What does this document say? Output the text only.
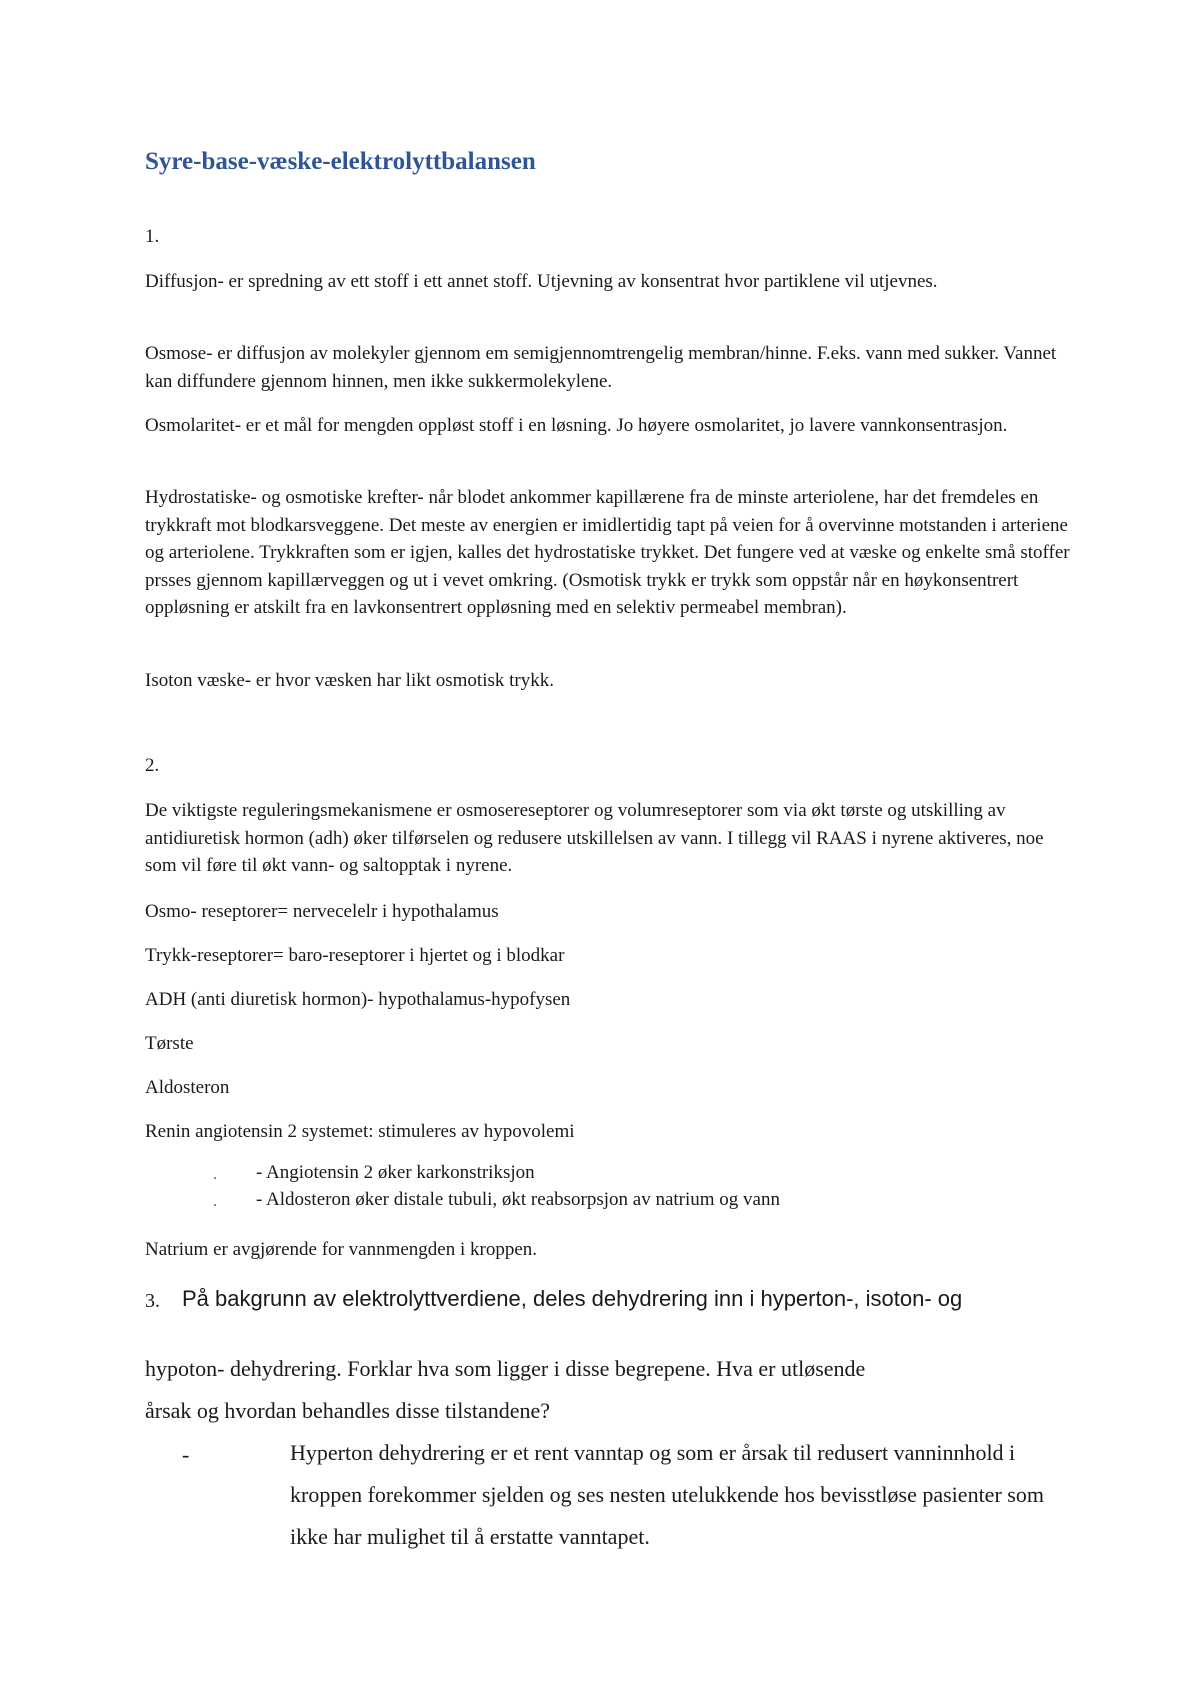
Syre-base-væske-elektrolyttbalansen
1.
Diffusjon- er spredning av ett stoff i ett annet stoff. Utjevning av konsentrat hvor partiklene vil utjevnes.
Osmose- er diffusjon av molekyler gjennom em semigjennomtrengelig membran/hinne. F.eks. vann med sukker. Vannet kan diffundere gjennom hinnen, men ikke sukkermolekylene.
Osmolaritet- er et mål for mengden oppløst stoff i en løsning. Jo høyere osmolaritet, jo lavere vannkonsentrasjon.
Hydrostatiske- og osmotiske krefter- når blodet ankommer kapillærene fra de minste arteriolene, har det fremdeles en trykkraft mot blodkarsveggene. Det meste av energien er imidlertidig tapt på veien for å overvinne motstanden i arteriene og arteriolene. Trykkraften som er igjen, kalles det hydrostatiske trykket. Det fungere ved at væske og enkelte små stoffer prsses gjennom kapillærveggen og ut i vevet omkring. (Osmotisk trykk er trykk som oppstår når en høykonsentrert oppløsning er atskilt fra en lavkonsentrert oppløsning med en selektiv permeabel membran).
Isoton væske- er hvor væsken har likt osmotisk trykk.
2.
De viktigste reguleringsmekanismene er osmosereseptorer og volumreseptorer som via økt tørste og utskilling av antidiuretisk hormon (adh) øker tilførselen og redusere utskillelsen av vann. I tillegg vil RAAS i nyrene aktiveres, noe som vil føre til økt vann- og saltopptak i nyrene.
Osmo- reseptorer= nervecelelr i hypothalamus
Trykk-reseptorer= baro-reseptorer i hjertet og i blodkar
ADH (anti diuretisk hormon)- hypothalamus-hypofysen
Tørste
Aldosteron
Renin angiotensin 2 systemet: stimuleres av hypovolemi
. - Angiotensin 2 øker karkonstriksjon
. - Aldosteron øker distale tubuli, økt reabsorpsjon av natrium og vann
Natrium er avgjørende for vannmengden i kroppen.
3. På bakgrunn av elektrolyttverdiene, deles dehydrering inn i hyperton-, isoton- og
hypoton- dehydrering. Forklar hva som ligger i disse begrepene. Hva er utløsende
årsak og hvordan behandles disse tilstandene?
-	Hyperton dehydrering er et rent vanntap og som er årsak til redusert vanninnhold i kroppen forekommer sjelden og ses nesten utelukkende hos bevisstløse pasienter som ikke har mulighet til å erstatte vanntapet.
